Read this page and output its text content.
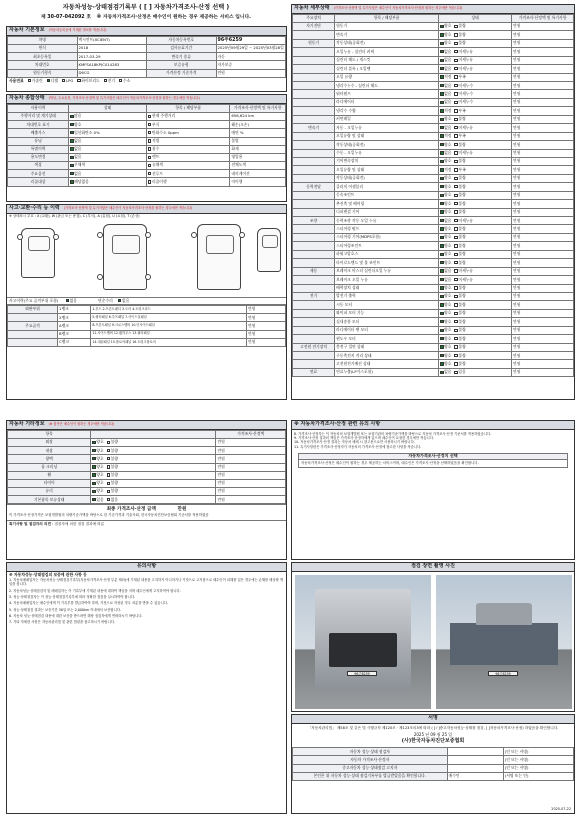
자동차성능·상태점검기록부 ( [ ] 자동차가격조사·산정 선택 )
제 30-07-042092 호 ※ 자동차가격조사·산정은 매수인이 원하는 경우 제공하는 서비스 입니다.
자동차 기본정보 (자동차등록증에 기재된 정보를 적습니다)
차명	엑시언트(XCIENT)	자동차등록번호	96주6259
연식	2018	검사유효기간	2025년09월29일 ~ 2025년03월28일
최초등록일	2017-03-29	변속기 종류	자동
차대번호	KMFSA18KPJC014283	보증유형	자가보증
원동기형식	D6CG	가격산정 기준가격	만원
사용연료 가솔린 디젤 LPG 하이브리드 전기 수소
자동차 종합상태 (색상, 주요옵션, 가격조사·산정액 및 특기사항은 매수인이 자동차가격조사·산정을 원하는 경우에만 적습니다)
사용이력	상태	항목 / 해당부품	가격조사·산정액 및 특기사항
주행거리 및 계기상태	많음	현재 주행거리	656,624 km
차대번호 표기	양호	부식	훼손(오손)
배출가스	일산화탄소 0%	탄화수소 0ppm	매연 %
튜닝	없음	적법	불법
특별이력	없음	침수	화재
용도변경	없음	렌트	영업용
색상	무채색	유채색	전체도색
주요옵션	없음	선루프	네비게이션
리콜대상	해당없음	리콜이행	미이행
사고·교환·수리 등 이력 (가격조사·산정액 및 특기사항은 매수인이 자동차가격조사·산정을 원하는 경우에만 적습니다)
※ 상태표시 부호 : X (교환), W (판금 또는 용접), C (부식), A (흠집), U (요철), T (손상)
사고이력(주요 골격부위 포함)	없음	단순수리 없음
외판부위	1랭크	1.후드 2.프론트펜더 3.도어 4.트렁크리드	만원
	2랭크	5.쿼터패널 6.루프패널 7.사이드실패널	만원
주요골격	A랭크	8.프론트패널 9.크로스멤버 10.인사이드패널	만원
	B랭크	11.사이드멤버 12.휠하우스 13.필러패널	만원
	C랭크	14.대쉬패널 15.플로어패널 16.트렁크플로어	만원
자동차 세부상태 (가격조사·산정액 및 특기사항은 매수인이 자동차가격조사·산정을 원하는 경우에만 적습니다)
주요장치	항목 / 해당부품	상태	가격조사·산정액 및 특기사항
자기진단	원동기	양호 불량	만원
	변속기	양호 불량	만원
원동기	작동상태(공회전)	양호 불량	만원
	오일누유 - 실린더 커버	없음 미세누유	만원
	실린더 헤드 / 개스킷	없음 미세누유	만원
	실린더 블록 / 오일팬	없음 미세누유	만원
	오일 유량	적정 부족	만원
	냉각수누수 - 실린더 헤드	없음 미세누수	만원
	워터펌프	없음 미세누수	만원
	라디에이터	없음 미세누수	만원
	냉각수 수량	적정 부족	만원
	커먼레일	양호 불량	만원
변속기	자동 - 오일누유	없음 미세누유	만원
	오일유량 및 상태	적정 부족	만원
	작동상태(공회전)	양호 불량	만원
	수동 - 오일누유	없음 미세누유	만원
	기어변속장치	양호 불량	만원
	오일유량 및 상태	적정 부족	만원
	작동상태(공회전)	양호 불량	만원
동력전달	클러치 어셈블리	양호 불량	만원
	등속조인트	양호 불량	만원
	추진축 및 베어링	양호 불량	만원
	디퍼렌셜 기어	양호 불량	만원
조향	동력조향 작동 오일 누유	없음 미세누유	만원
	스티어링 펌프	양호 불량	만원
	스티어링 기어(MDPS포함)	양호 불량	만원
	스티어링조인트	양호 불량	만원
	파워고압호스	양호 불량	만원
	타이로드엔드 및 볼 조인트	양호 불량	만원
제동	브레이크 마스터 실린더오일 누유	없음 미세누유	만원
	브레이크 오일 누유	없음 미세누유	만원
	배력장치 상태	양호 불량	만원
전기	발전기 출력	양호 불량	만원
	시동 모터	양호 불량	만원
	와이퍼 모터 기능	양호 불량	만원
	실내송풍 모터	양호 불량	만원
	라디에이터 팬 모터	양호 불량	만원
	윈도우 모터	양호 불량	만원
고전원 전기장치	충전구 절연 상태	양호 불량	만원
	구동축전지 격리 상태	양호 불량	만원
	고전원전기배선 상태	양호 불량	만원
연료	연료누출(LP가스포함)	없음 있음	만원
자동차 기타정보 (※ 항목은 매수인이 원하는 경우에만 적습니다)
항목		가격조사·산정액
외장	양호 불량	만원
내장	양호 불량	만원
광택	양호 불량	만원
룸 크리닝	양호 불량	만원
휠	양호 불량	만원
타이어	양호 불량	만원
유리	양호 불량	만원
기본품목 보유상태	있음 없음	만원
최종 가격조사·산정 금액	만원
이 가격조사·산정가격은 보험개발원의 차량기준가액을 바탕으로 한 기준가격과 기술사회, 한국자동차진단보증협회 기준서를 적용하였음
특기사항 및 점검자의 의견 : 점검자에 의한 점검 결과에 따름
※ 자동차가격조사·산정 관련 유의 사항

8. 가격조사·산정자는 이 자동차의 보험개발원 또는 보험기관의 차량기준가액을 바탕으로 자동차 가격조사·산정 기준서를 적용하였습니다.

9. 가격조사·산정 결과의 책임은 가격조사·산정자에게 있으며 매수인이 요청한 경우에만 적습니다.

10. 자동차가격조사·산정 결과는 자동차 매매 시 참고용으로만 사용하시기 바랍니다.

11. 특기사항란은 가격조사·산정자가 자동차의 가격조사·산정에 참고한 사항을 적습니다.

자동차가격조사·산정지 선택
자동차가격조사·산정은 매수인이 원하는 경우 제공하는 서비스이며, 매수인은 가격조사·산정을 선택하였음을 확인합니다.
유의사항
※ 자동차성능·상태점검의 보증에 관한 사항 등

1. 자동차매매업자는 자동차성능·상태점검기록부(자동차가격조사·산정 부분 제외)에 기재된 내용을 고지하지 아니하거나 거짓으로 고지함으로 매수인이 피해를 입은 경우에는 손해를 배상할 책임을 집니다.

2. 자동차성능·상태점검자 및 매매업자는 이 기록부에 기재된 내용에 대하여 책임을 지며 매수인에게 고지하여야 합니다.

3. 성능·상태점검자는 이 성능·상태점검기록부에 따라 정확한 점검을 실시하여야 합니다.

4. 자동차매매업자는 매수인에게 이 기록부를 발급하여야 하며, 거짓으로 작성된 경우 처분을 받을 수 있습니다.

5. 성능·상태점검 결과는 보증기간 30일 또는 2,000km 이내에서 보증합니다.

6. 자동차 성능·상태점검 내용에 대한 보증을 받으려면 해당 점검자에게 연락하시기 바랍니다.

7. 기타 자세한 사항은 자동차관리법 및 관련 법령을 참고하시기 바랍니다.

점검 장면 촬영 사진
96주6259	96주6259
서명
「자동차관리법」 제58조 및 같은 법 시행규칙 제120조 · 제123조의3에 따라 ( [✓]중고자동차성능·상태를 점검, [ ]자동차가격조사·산정) 하였음을 확인합니다.
2025 년 09 월 25 일
(사)한국자동차진단보증협회
자동차 성능·상태 점검자		(인 또는 서명)
자동차 가격조사·산정자		(인 또는 서명)
중고자동차 성능·상태점검 고지자		(인 또는 서명)
본인은 위 자동차 성능·상태 점검기록부를 발급받았음을 확인합니다.	매수인	(서명 또는 인)
2025-07-22
